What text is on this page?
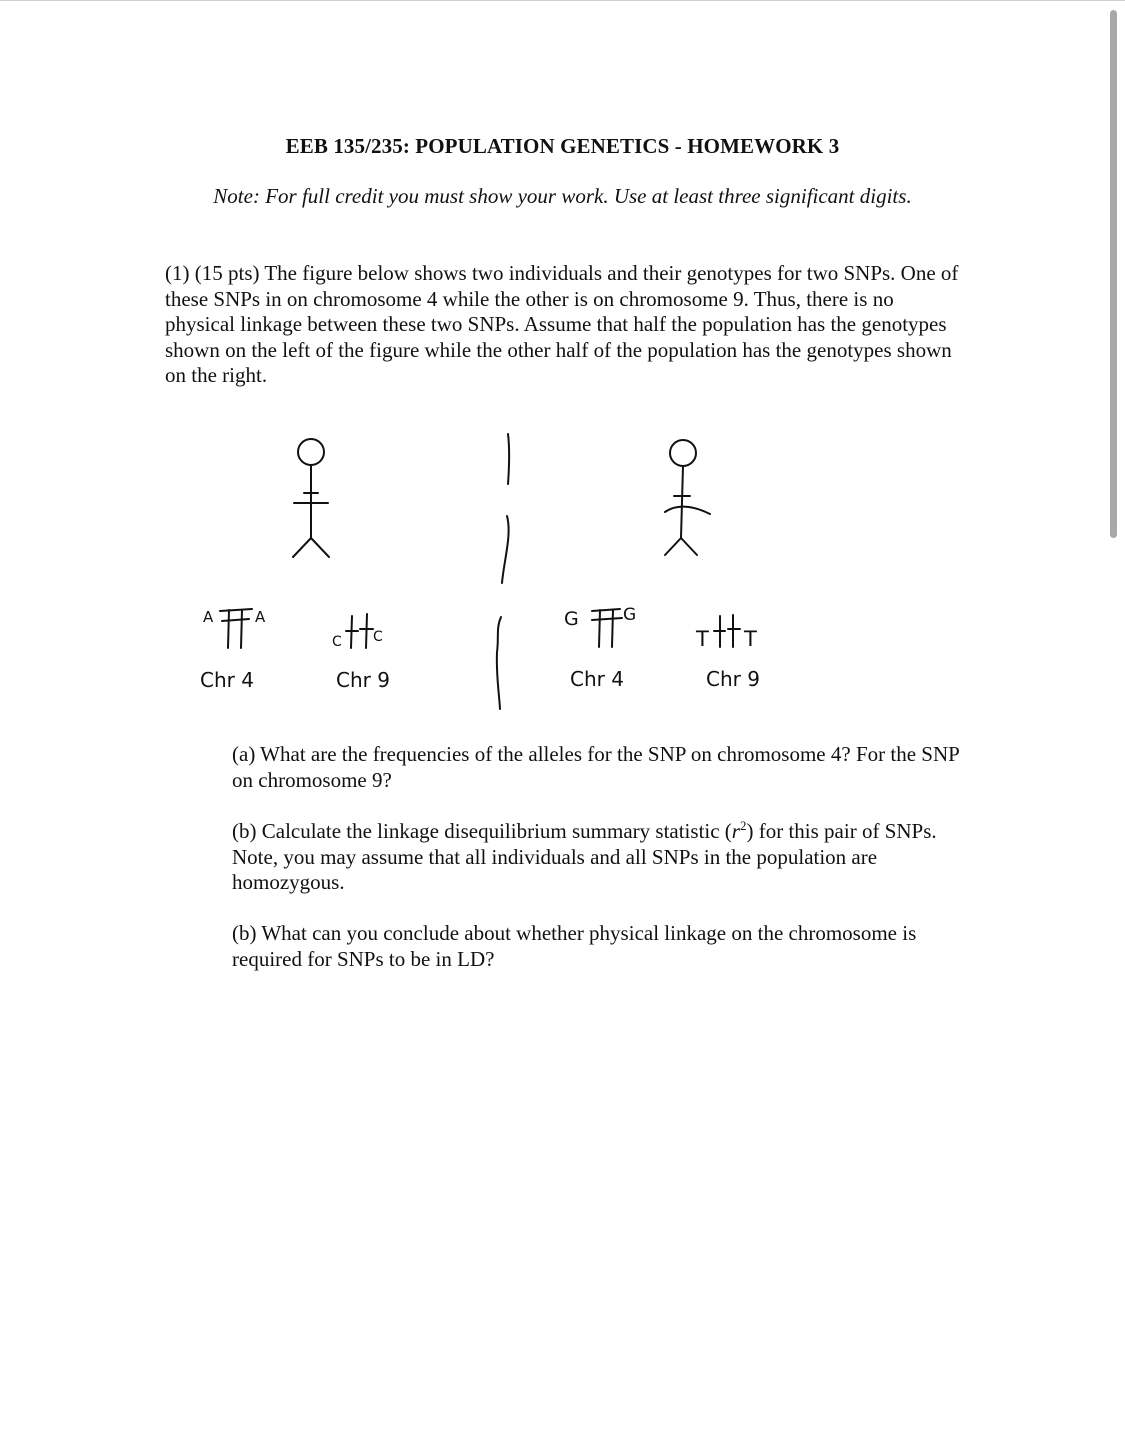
EEB 135/235: POPULATION GENETICS - HOMEWORK 3
Note: For full credit you must show your work. Use at least three significant digits.

(1) (15 pts) The figure below shows two individuals and their genotypes for two SNPs. One of these SNPs in on chromosome 4 while the other is on chromosome 9. Thus, there is no physical linkage between these two SNPs. Assume that half the population has the genotypes shown on the left of the figure while the other half of the population has the genotypes shown on the right.

A	A
C C
G	G
T T
Chr 4	Chr 9	Chr 4	Chr 9

(a) What are the frequencies of the alleles for the SNP on chromosome 4? For the SNP on chromosome 9?

(b) Calculate the linkage disequilibrium summary statistic $(r^2)$ for this pair of SNPs. Note, you may assume that all individuals and all SNPs in the population are homozygous.

(b) What can you conclude about whether physical linkage on the chromosome is required for SNPs to be in LD?
